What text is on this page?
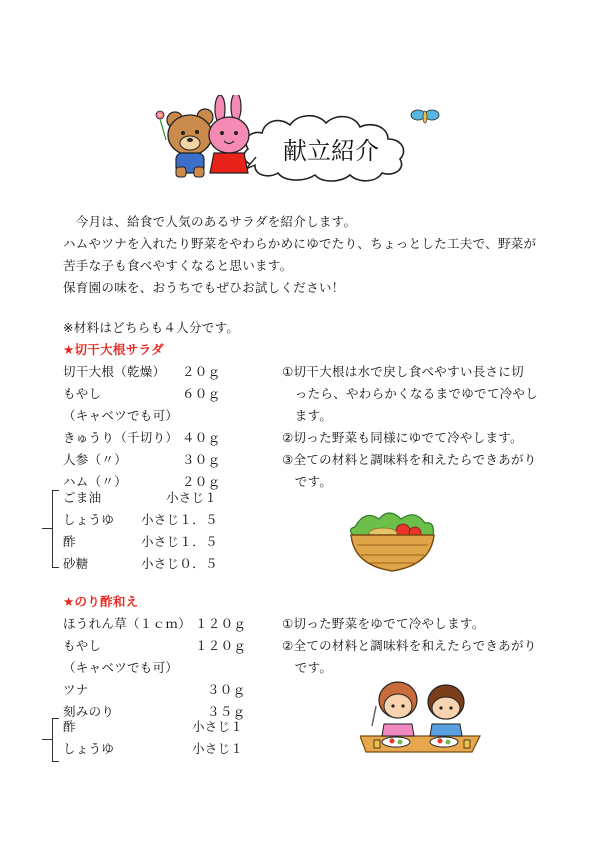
献立紹介
　今月は、給食で人気のあるサラダを紹介します。
ハムやツナを入れたり野菜をやわらかめにゆでたり、ちょっとした工夫で、野菜が
苦手な子も食べやすくなると思います。
保育園の味を、おうちでもぜひお試しください！
※材料はどちらも４人分です。
★切干大根サラダ
切干大根（乾燥） ２０ｇ
もやし	６０ｇ
（キャベツでも可）
きゅうり（千切り） ４０ｇ
人参（〃）	３０ｇ
ハム（〃）	２０ｇ
ごま油	小さじ１
しょうゆ 小さじ１．５
酢	小さじ１．５
砂糖	小さじ０．５
①切干大根は水で戻し食べやすい長さに切
　ったら、やわらかくなるまでゆでて冷やし
　ます。
②切った野菜も同様にゆでて冷やします。
③全ての材料と調味料を和えたらできあがり
　です。
★のり酢和え
ほうれん草（１ｃｍ） １２０ｇ
もやし	１２０ｇ
（キャベツでも可）
ツナ	３０ｇ
刻みのり	３５ｇ
酢	小さじ１
しょうゆ	小さじ１
①切った野菜をゆでて冷やします。
②全ての材料と調味料を和えたらできあがり
　です。
